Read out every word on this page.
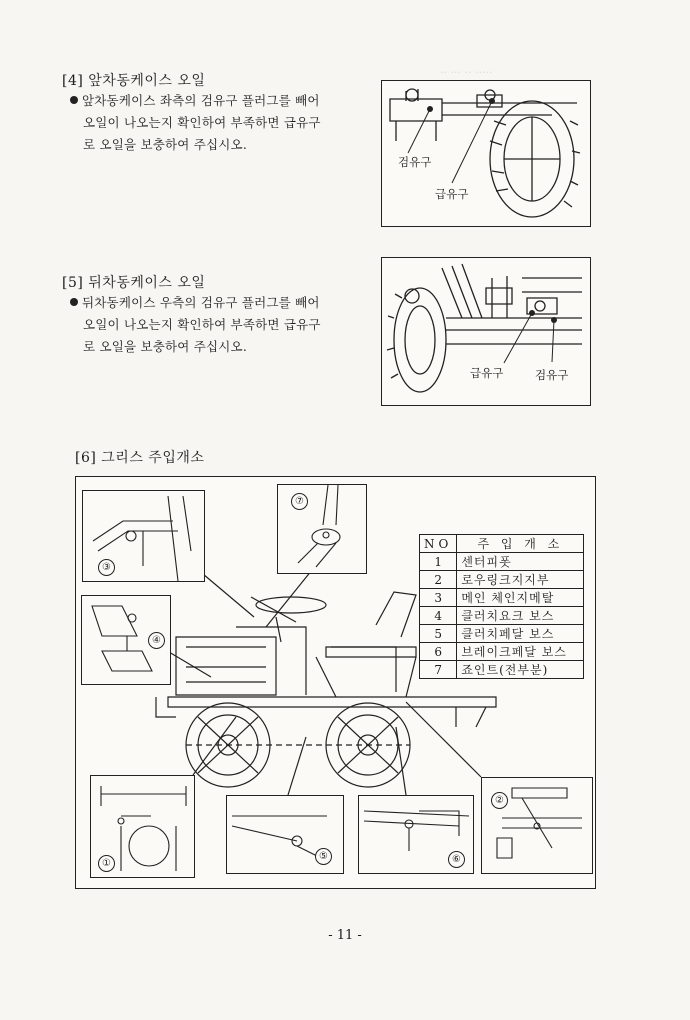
·· ··· ·· ·····
[4] 앞차동케이스 오일
앞차동케이스 좌측의 검유구 플러그를 빼어
오일이 나오는지 확인하여 부족하면 급유구
로 오일을 보충하여 주십시오.
검유구
급유구
[5] 뒤차동케이스 오일
뒤차동케이스 우측의 검유구 플러그를 빼어
오일이 나오는지 확인하여 부족하면 급유구
로 오일을 보충하여 주십시오.
급유구	검유구
[6] 그리스 주입개소
③
⑦
④
①
⑤	⑥
②
NO	주 입 개 소
1	센터피폿
2	로우링크지지부
3	메인 체인지메탈
4	클러치요크 보스
5	클러치페달 보스
6	브레이크페달 보스
7	죠인트(전부분)
- 11 -
